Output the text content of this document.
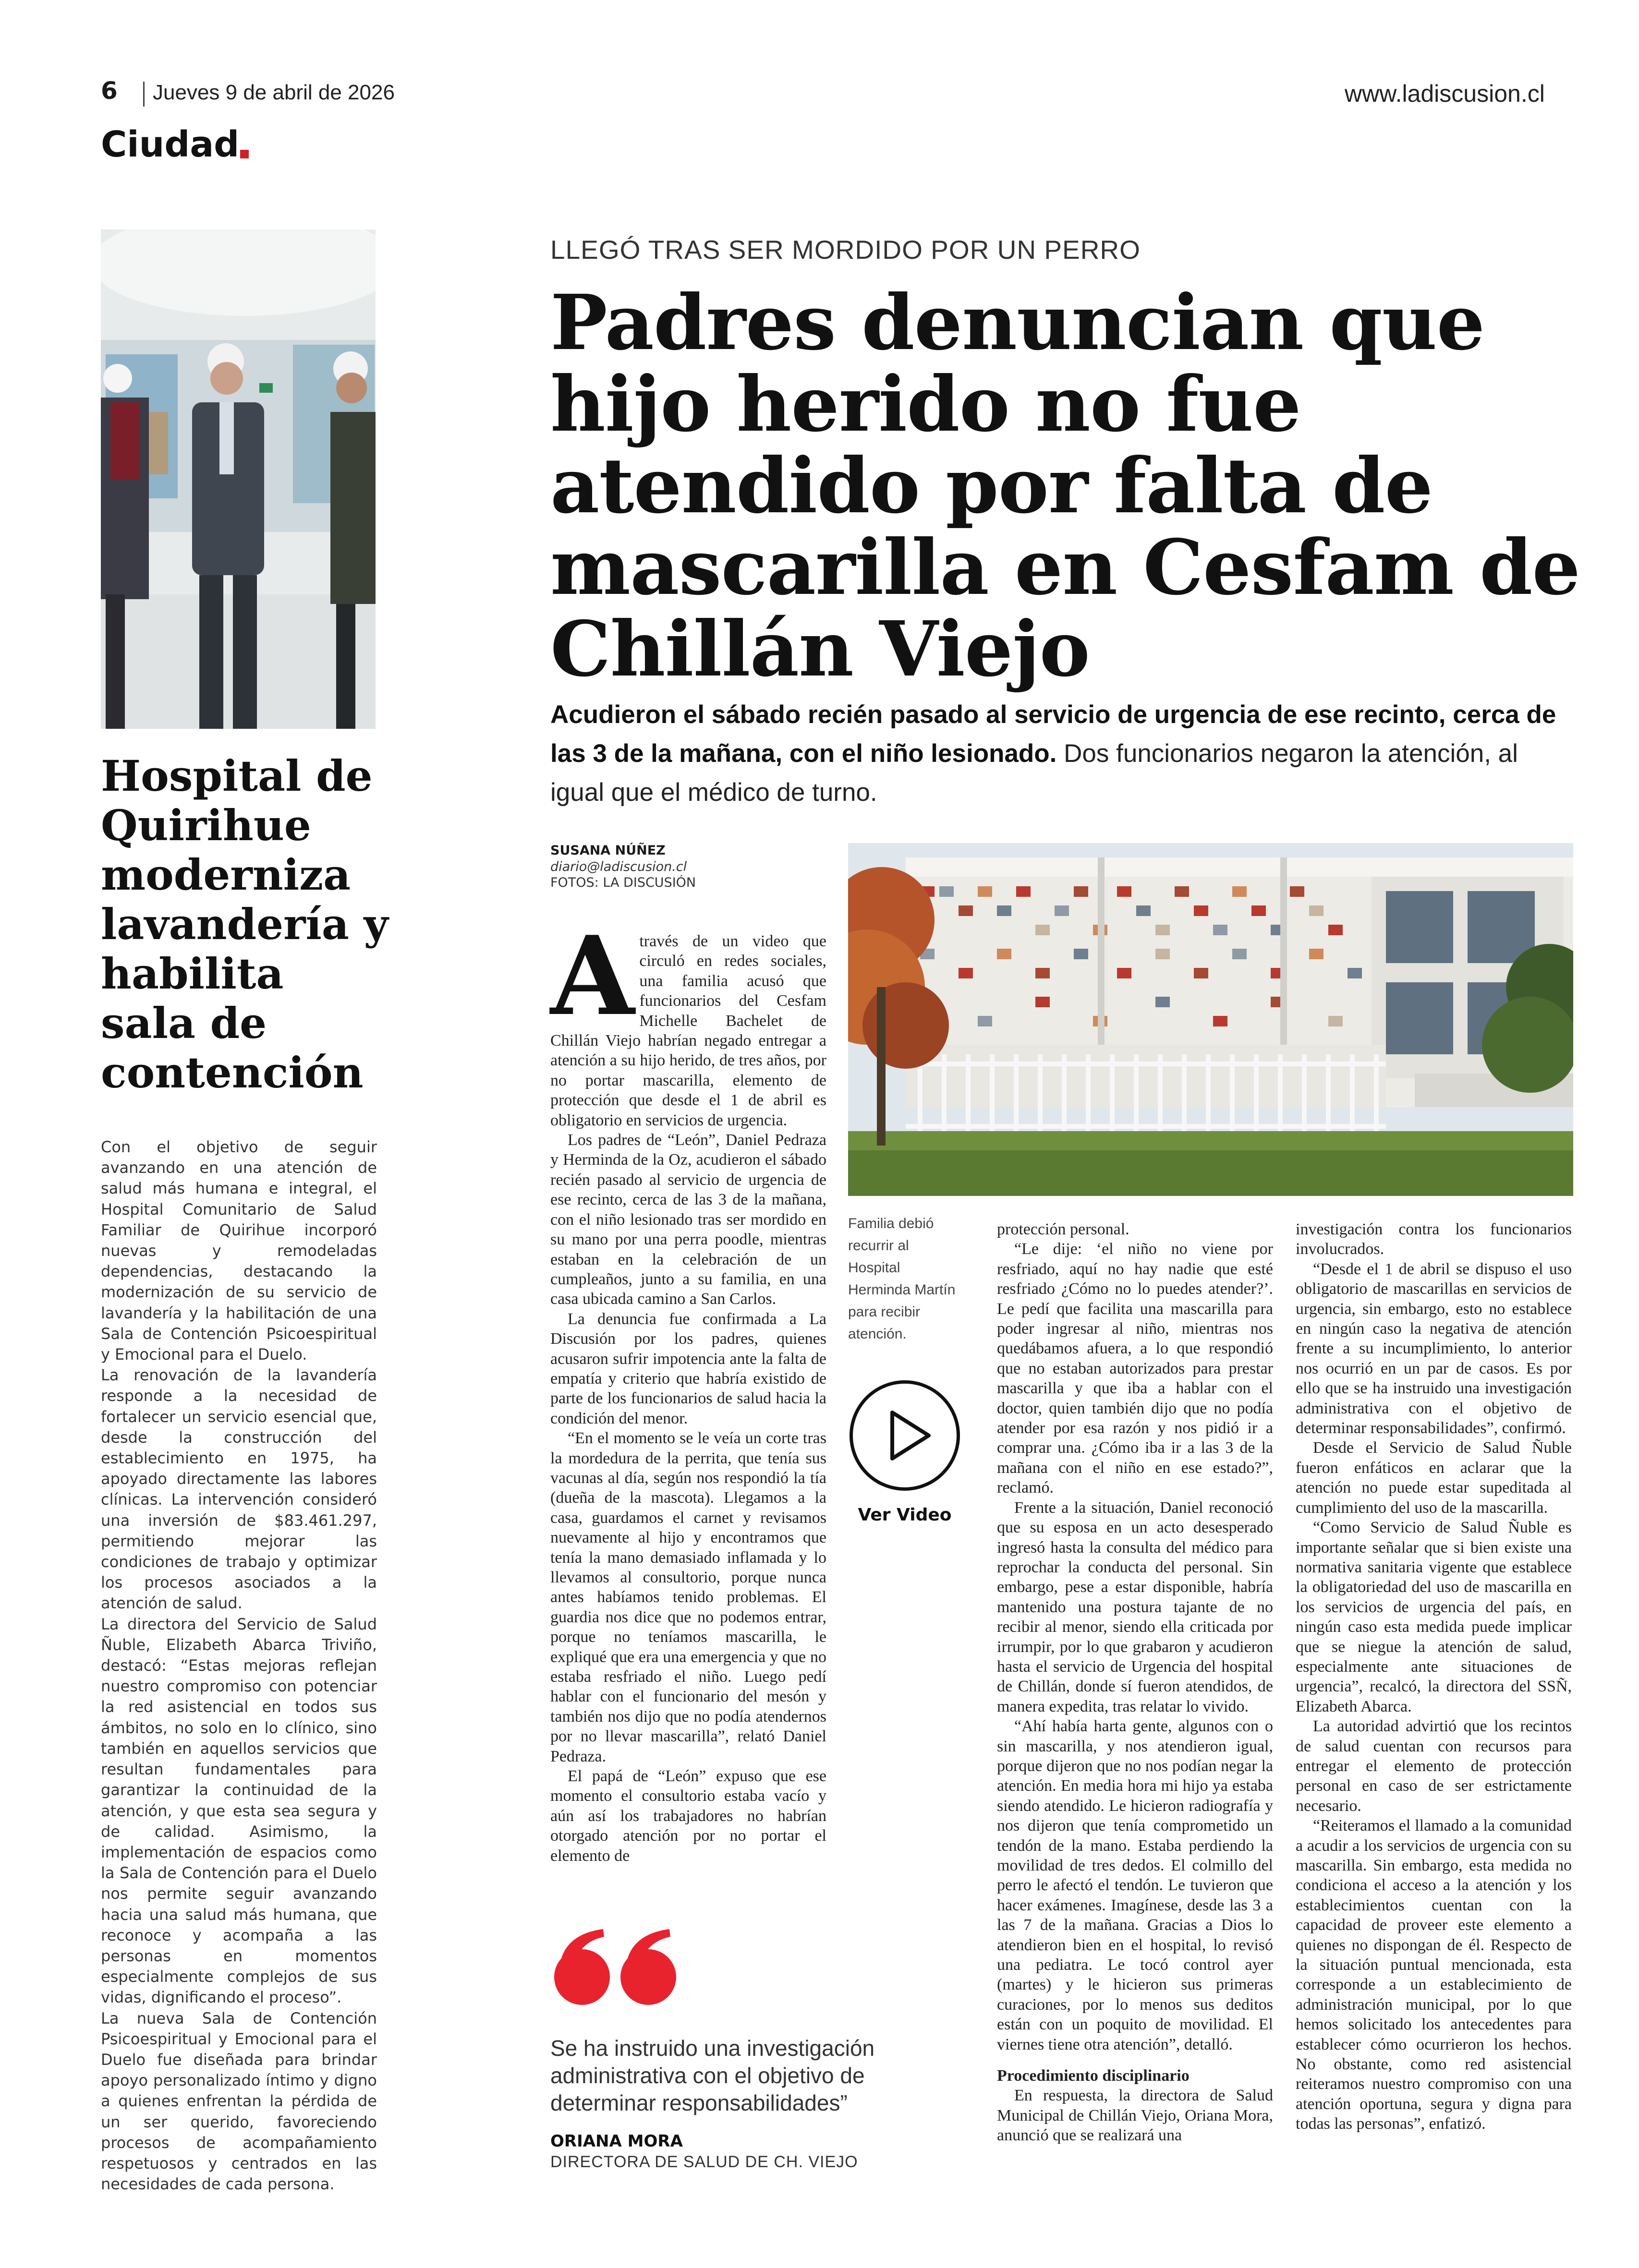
6 Jueves 9 de abril de 2026	www.ladiscusion.cl
Ciudad
Hospital de Quirihue moderniza lavandería y habilita sala de contención

Con el objetivo de seguir avanzando en una atención de salud más humana e integral, el Hospital Comunitario de Salud Familiar de Quirihue incorporó nuevas y remodeladas dependencias, destacando la modernización de su servicio de lavandería y la habilitación de una Sala de Contención Psicoespiritual y Emocional para el Duelo.

La renovación de la lavandería responde a la necesidad de fortalecer un servicio esencial que, desde la construcción del establecimiento en 1975, ha apoyado directamente las labores clínicas. La intervención consideró una inversión de $83.461.297, permitiendo mejorar las condiciones de trabajo y optimizar los procesos asociados a la atención de salud.

La directora del Servicio de Salud Ñuble, Elizabeth Abarca Triviño, destacó: “Estas mejoras reflejan nuestro compromiso con potenciar la red asistencial en todos sus ámbitos, no solo en lo clínico, sino también en aquellos servicios que resultan fundamentales para garantizar la continuidad de la atención, y que esta sea segura y de calidad. Asimismo, la implementación de espacios como la Sala de Contención para el Duelo nos permite seguir avanzando hacia una salud más humana, que reconoce y acompaña a las personas en momentos especialmente complejos de sus vidas, dignificando el proceso”.

La nueva Sala de Contención Psicoespiritual y Emocional para el Duelo fue diseñada para brindar apoyo personalizado íntimo y digno a quienes enfrentan la pérdida de un ser querido, favoreciendo procesos de acompañamiento respetuosos y centrados en las necesidades de cada persona.

LLEGÓ TRAS SER MORDIDO POR UN PERRO
Padres denuncian que hijo herido no fue atendido por falta de mascarilla en Cesfam de Chillán Viejo
Acudieron el sábado recién pasado al servicio de urgencia de ese recinto, cerca de las 3 de la mañana, con el niño lesionado. Dos funcionarios negaron la atención, al igual que el médico de turno.
SUSANA NÚÑEZ
diario@ladiscusion.cl
FOTOS: LA DISCUSIÓN

Através de un video que circuló en redes sociales, una familia acusó que funcionarios del Cesfam Michelle Bachelet de Chillán Viejo habrían negado entregar a atención a su hijo herido, de tres años, por no portar mascarilla, elemento de protección que desde el 1 de abril es obligatorio en servicios de urgencia.

Los padres de “León”, Daniel Pedraza y Herminda de la Oz, acudieron el sábado recién pasado al servicio de urgencia de ese recinto, cerca de las 3 de la mañana, con el niño lesionado tras ser mordido en su mano por una perra poodle, mientras estaban en la celebración de un cumpleaños, junto a su familia, en una casa ubicada camino a San Carlos.

La denuncia fue confirmada a La Discusión por los padres, quienes acusaron sufrir impotencia ante la falta de empatía y criterio que habría existido de parte de los funcionarios de salud hacia la condición del menor.

“En el momento se le veía un corte tras la mordedura de la perrita, que tenía sus vacunas al día, según nos respondió la tía (dueña de la mascota). Llegamos a la casa, guardamos el carnet y revisamos nuevamente al hijo y encontramos que tenía la mano demasiado inflamada y lo llevamos al consultorio, porque nunca antes habíamos tenido problemas. El guardia nos dice que no podemos entrar, porque no teníamos mascarilla, le expliqué que era una emergencia y que no estaba resfriado el niño. Luego pedí hablar con el funcionario del mesón y también nos dijo que no podía atendernos por no llevar mascarilla”, relató Daniel Pedraza.

El papá de “León” expuso que ese momento el consultorio estaba vacío y aún así los trabajadores no habrían otorgado atención por no portar el elemento de

Familia debió recurrir al Hospital Herminda Martín para recibir atención.
Ver Video

protección personal.

“Le dije: ‘el niño no viene por resfriado, aquí no hay nadie que esté resfriado ¿Cómo no lo puedes atender?’. Le pedí que facilita una mascarilla para poder ingresar al niño, mientras nos quedábamos afuera, a lo que respondió que no estaban autorizados para prestar mascarilla y que iba a hablar con el doctor, quien también dijo que no podía atender por esa razón y nos pidió ir a comprar una. ¿Cómo iba ir a las 3 de la mañana con el niño en ese estado?”, reclamó.

Frente a la situación, Daniel reconoció que su esposa en un acto desesperado ingresó hasta la consulta del médico para reprochar la conducta del personal. Sin embargo, pese a estar disponible, habría mantenido una postura tajante de no recibir al menor, siendo ella criticada por irrumpir, por lo que grabaron y acudieron hasta el servicio de Urgencia del hospital de Chillán, donde sí fueron atendidos, de manera expedita, tras relatar lo vivido.

“Ahí había harta gente, algunos con o sin mascarilla, y nos atendieron igual, porque dijeron que no nos podían negar la atención. En media hora mi hijo ya estaba siendo atendido. Le hicieron radiografía y nos dijeron que tenía comprometido un tendón de la mano. Estaba perdiendo la movilidad de tres dedos. El colmillo del perro le afectó el tendón. Le tuvieron que hacer exámenes. Imagínese, desde las 3 a las 7 de la mañana. Gracias a Dios lo atendieron bien en el hospital, lo revisó una pediatra. Le tocó control ayer (martes) y le hicieron sus primeras curaciones, por lo menos sus deditos están con un poquito de movilidad. El viernes tiene otra atención”, detalló.

Procedimiento disciplinario

En respuesta, la directora de Salud Municipal de Chillán Viejo, Oriana Mora, anunció que se realizará una

investigación contra los funcionarios involucrados.

“Desde el 1 de abril se dispuso el uso obligatorio de mascarillas en servicios de urgencia, sin embargo, esto no establece en ningún caso la negativa de atención frente a su incumplimiento, lo anterior nos ocurrió en un par de casos. Es por ello que se ha instruido una investigación administrativa con el objetivo de determinar responsabilidades”, confirmó.

Desde el Servicio de Salud Ñuble fueron enfáticos en aclarar que la atención no puede estar supeditada al cumplimiento del uso de la mascarilla.

“Como Servicio de Salud Ñuble es importante señalar que si bien existe una normativa sanitaria vigente que establece la obligatoriedad del uso de mascarilla en los servicios de urgencia del país, en ningún caso esta medida puede implicar que se niegue la atención de salud, especialmente ante situaciones de urgencia”, recalcó, la directora del SSÑ, Elizabeth Abarca.

La autoridad advirtió que los recintos de salud cuentan con recursos para entregar el elemento de protección personal en caso de ser estrictamente necesario.

“Reiteramos el llamado a la comunidad a acudir a los servicios de urgencia con su mascarilla. Sin embargo, esta medida no condiciona el acceso a la atención y los establecimientos cuentan con la capacidad de proveer este elemento a quienes no dispongan de él. Respecto de la situación puntual mencionada, esta corresponde a un establecimiento de administración municipal, por lo que hemos solicitado los antecedentes para establecer cómo ocurrieron los hechos. No obstante, como red asistencial reiteramos nuestro compromiso con una atención oportuna, segura y digna para todas las personas”, enfatizó.

Se ha instruido una investigación administrativa con el objetivo de determinar responsabilidades”
ORIANA MORA
DIRECTORA DE SALUD DE CH. VIEJO
